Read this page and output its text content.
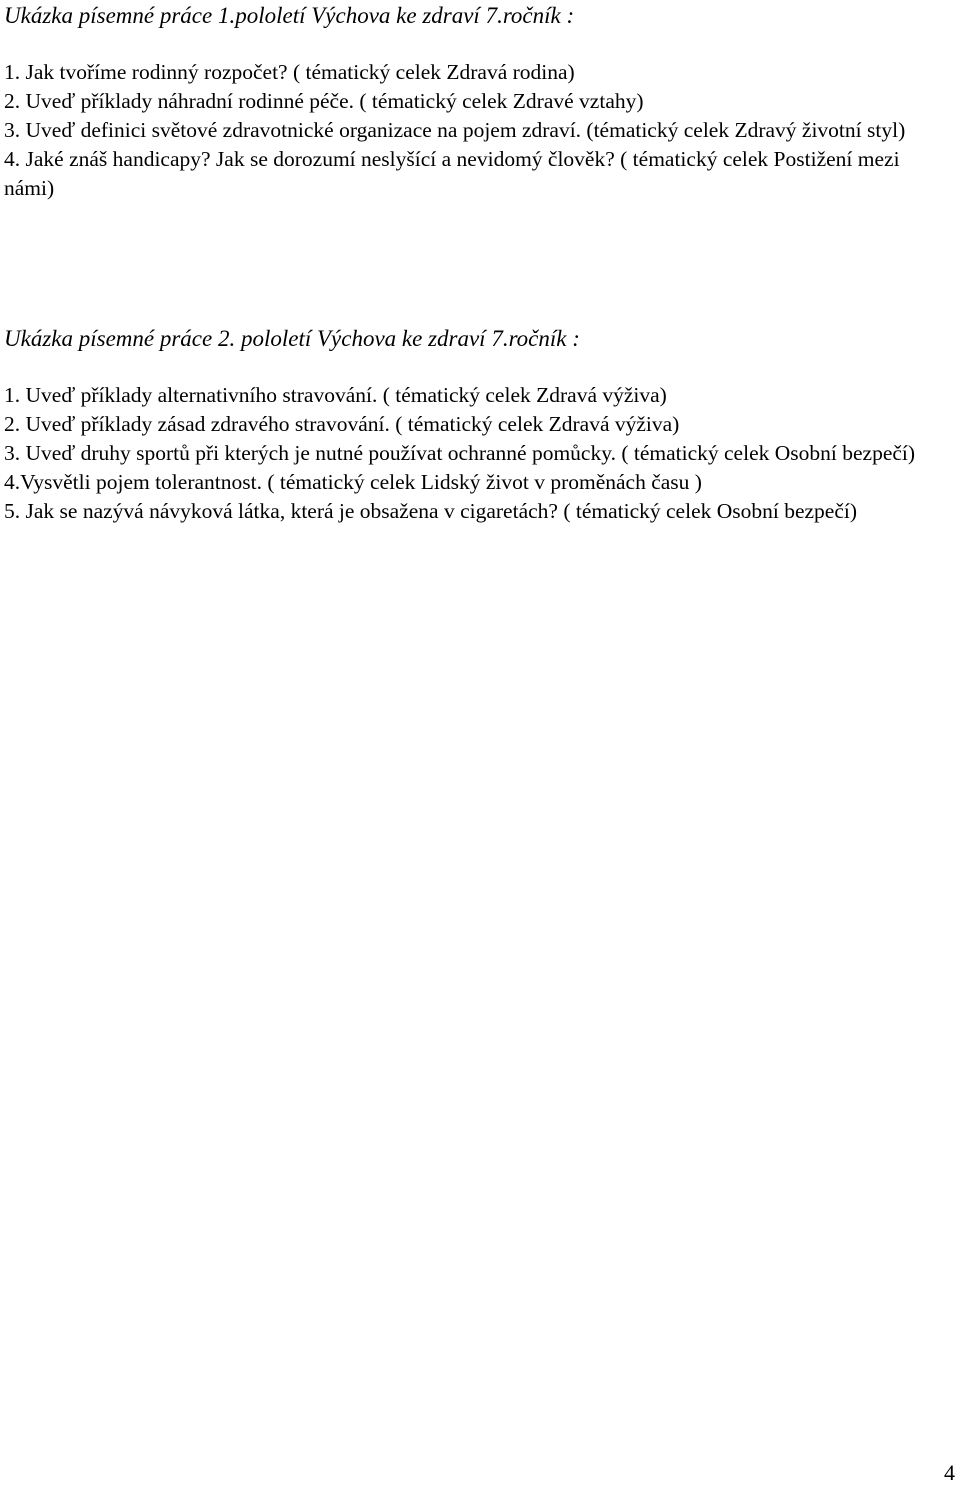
Ukázka písemné práce 1.pololetí Výchova ke zdraví 7.ročník :
1. Jak tvoříme rodinný rozpočet? ( tématický celek Zdravá rodina)
2. Uveď příklady náhradní rodinné péče. ( tématický celek Zdravé vztahy)
3. Uveď definici světové zdravotnické organizace na pojem zdraví. (tématický celek Zdravý životní styl)
4. Jaké znáš handicapy? Jak se dorozumí neslyšící a nevidomý člověk? ( tématický celek Postižení mezi námi)
Ukázka písemné práce 2. pololetí Výchova ke zdraví 7.ročník :
1. Uveď příklady alternativního stravování. ( tématický celek Zdravá výživa)
2. Uveď příklady zásad zdravého stravování. ( tématický celek Zdravá výživa)
3. Uveď druhy sportů při kterých je nutné používat ochranné pomůcky. ( tématický celek Osobní bezpečí)
4.Vysvětli pojem tolerantnost. ( tématický celek Lidský život v proměnách času )
5. Jak se nazývá návyková látka, která je obsažena v cigaretách? ( tématický celek Osobní bezpečí)
4
